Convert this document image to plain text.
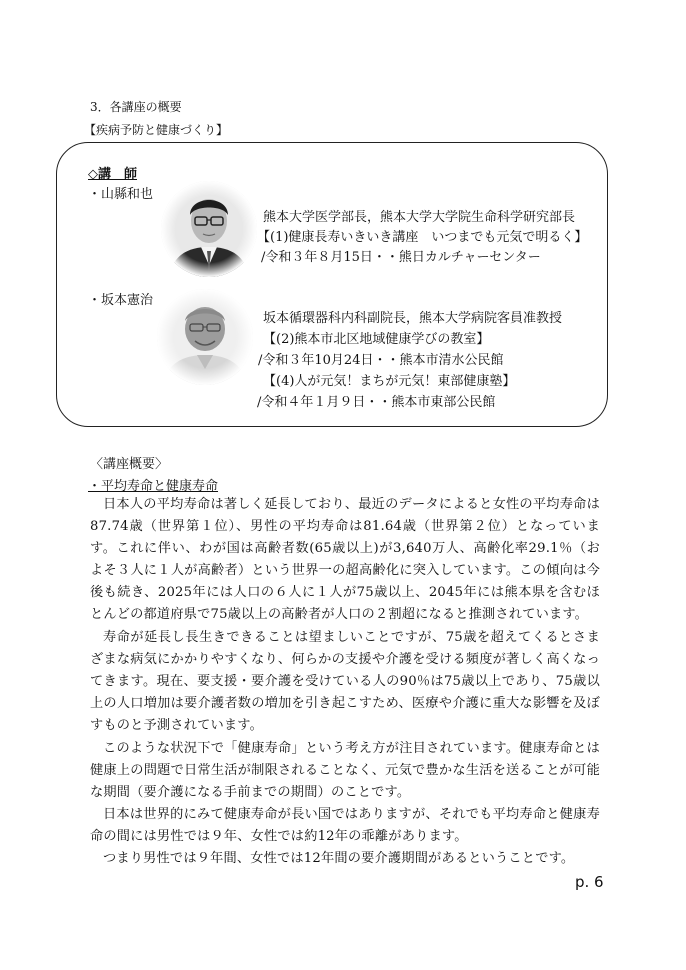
3．各講座の概要
【疾病予防と健康づくり】
◇講　師
・山縣和也
熊本大学医学部長，熊本大学大学院生命科学研究部長
【(1)健康長寿いきいき講座　いつまでも元気で明るく】
/令和３年８月15日・・熊日カルチャーセンター
・坂本憲治
坂本循環器科内科副院長，熊本大学病院客員准教授
【(2)熊本市北区地域健康学びの教室】
/令和３年10月24日・・熊本市清水公民館
【(4)人が元気！まちが元気！東部健康塾】
/令和４年１月９日・・熊本市東部公民館
〈講座概要〉
・平均寿命と健康寿命
日本人の平均寿命は著しく延長しており、最近のデータによると女性の平均寿命は87.74歳（世界第１位）、男性の平均寿命は81.64歳（世界第２位）となっています。これに伴い、わが国は高齢者数(65歳以上)が3,640万人、高齢化率29.1％（およそ３人に１人が高齢者）という世界一の超高齢化に突入しています。この傾向は今後も続き、2025年には人口の６人に１人が75歳以上、2045年には熊本県を含むほとんどの都道府県で75歳以上の高齢者が人口の２割超になると推測されています。
寿命が延長し長生きできることは望ましいことですが、75歳を超えてくるとさまざまな病気にかかりやすくなり、何らかの支援や介護を受ける頻度が著しく高くなってきます。現在、要支援・要介護を受けている人の90％は75歳以上であり、75歳以上の人口増加は要介護者数の増加を引き起こすため、医療や介護に重大な影響を及ぼすものと予測されています。
このような状況下で「健康寿命」という考え方が注目されています。健康寿命とは健康上の問題で日常生活が制限されることなく、元気で豊かな生活を送ることが可能な期間（要介護になる手前までの期間）のことです。
日本は世界的にみて健康寿命が長い国ではありますが、それでも平均寿命と健康寿命の間には男性では９年、女性では約12年の乖離があります。
つまり男性では９年間、女性では12年間の要介護期間があるということです。
p. 6
